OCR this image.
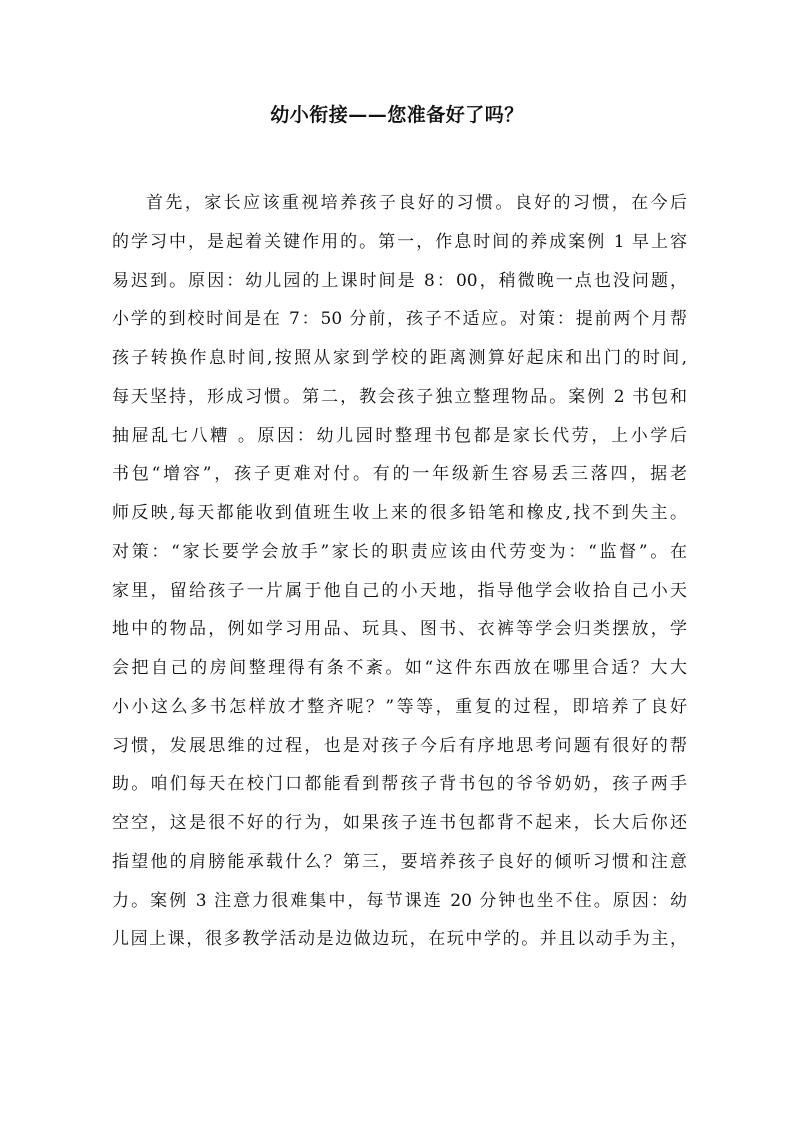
幼小衔接——您准备好了吗？
首先，家长应该重视培养孩子良好的习惯。良好的习惯，在今后
的学习中，是起着关键作用的。第一，作息时间的养成案例 1 早上容
易迟到。原因：幼儿园的上课时间是 8：00，稍微晚一点也没问题，
小学的到校时间是在 7：50 分前，孩子不适应。对策：提前两个月帮
孩子转换作息时间,按照从家到学校的距离测算好起床和出门的时间,
每天坚持，形成习惯。第二，教会孩子独立整理物品。案例 2 书包和
抽屉乱七八糟 。原因：幼儿园时整理书包都是家长代劳，上小学后
书包“增容”，孩子更难对付。有的一年级新生容易丢三落四，据老
师反映,每天都能收到值班生收上来的很多铅笔和橡皮,找不到失主。
对策：“家长要学会放手”家长的职责应该由代劳变为：“监督”。在
家里，留给孩子一片属于他自己的小天地，指导他学会收拾自己小天
地中的物品，例如学习用品、玩具、图书、衣裤等学会归类摆放，学
会把自己的房间整理得有条不紊。如“这件东西放在哪里合适？大大
小小这么多书怎样放才整齐呢？”等等，重复的过程，即培养了良好
习惯，发展思维的过程，也是对孩子今后有序地思考问题有很好的帮
助。咱们每天在校门口都能看到帮孩子背书包的爷爷奶奶，孩子两手
空空，这是很不好的行为，如果孩子连书包都背不起来，长大后你还
指望他的肩膀能承载什么？第三，要培养孩子良好的倾听习惯和注意
力。案例 3 注意力很难集中，每节课连 20 分钟也坐不住。原因：幼
儿园上课，很多教学活动是边做边玩，在玩中学的。并且以动手为主，
